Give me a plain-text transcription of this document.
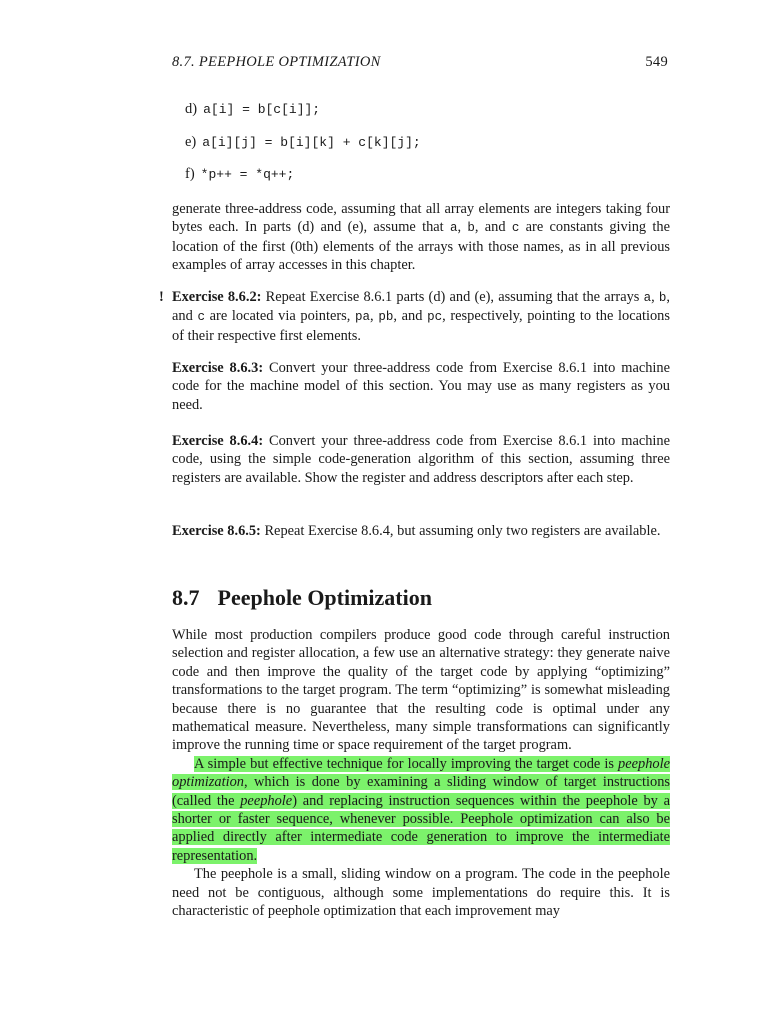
8.7. PEEPHOLE OPTIMIZATION	549
d) a[i] = b[c[i]];
e) a[i][j] = b[i][k] + c[k][j];
f) *p++ = *q++;

generate three-address code, assuming that all array elements are integers taking four bytes each. In parts (d) and (e), assume that a, b, and c are constants giving the location of the first (0th) elements of the arrays with those names, as in all previous examples of array accesses in this chapter.

! Exercise 8.6.2: Repeat Exercise 8.6.1 parts (d) and (e), assuming that the arrays a, b, and c are located via pointers, pa, pb, and pc, respectively, pointing to the locations of their respective first elements.

Exercise 8.6.3: Convert your three-address code from Exercise 8.6.1 into machine code for the machine model of this section. You may use as many registers as you need.

Exercise 8.6.4: Convert your three-address code from Exercise 8.6.1 into machine code, using the simple code-generation algorithm of this section, assuming three registers are available. Show the register and address descriptors after each step.

Exercise 8.6.5: Repeat Exercise 8.6.4, but assuming only two registers are available.

8.7 Peephole Optimization

While most production compilers produce good code through careful instruction selection and register allocation, a few use an alternative strategy: they generate naive code and then improve the quality of the target code by applying “optimizing” transformations to the target program. The term “optimizing” is somewhat misleading because there is no guarantee that the resulting code is optimal under any mathematical measure. Nevertheless, many simple transformations can significantly improve the running time or space requirement of the target program.

A simple but effective technique for locally improving the target code is peephole optimization, which is done by examining a sliding window of target instructions (called the peephole) and replacing instruction sequences within the peephole by a shorter or faster sequence, whenever possible. Peephole optimization can also be applied directly after intermediate code generation to improve the intermediate representation.

The peephole is a small, sliding window on a program. The code in the peephole need not be contiguous, although some implementations do require this. It is characteristic of peephole optimization that each improvement may
